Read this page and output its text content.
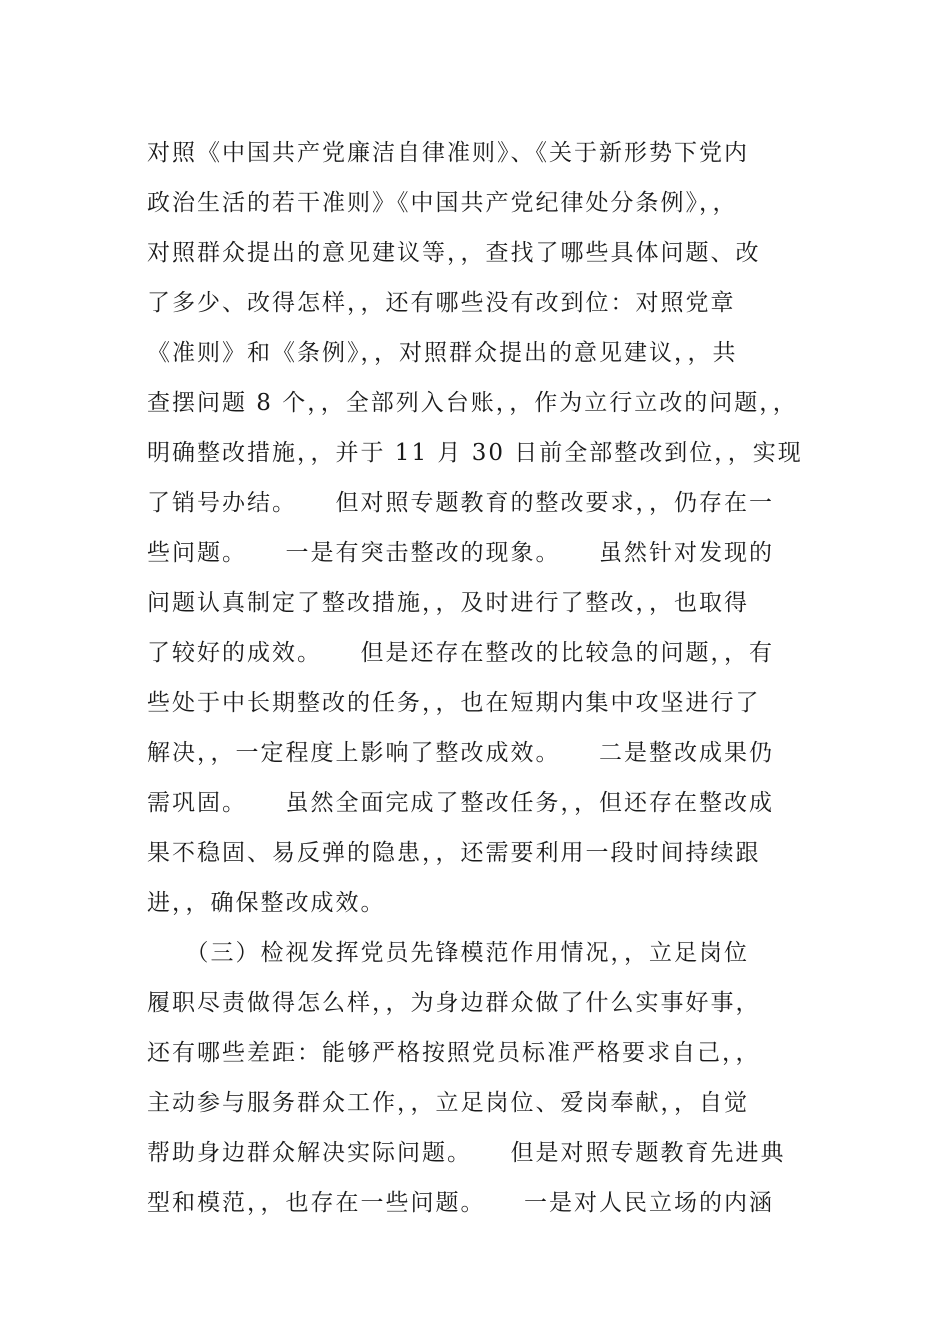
对照《中国共产党廉洁自律准则》、《关于新形势下党内
政治生活的若干准则》《中国共产党纪律处分条例》，，
对照群众提出的意见建议等，，查找了哪些具体问题、改
了多少、改得怎样，，还有哪些没有改到位：对照党章
《准则》和《条例》，，对照群众提出的意见建议，，共
查摆问题 8 个，，全部列入台账，，作为立行立改的问题，，
明确整改措施，，并于 11 月 30 日前全部整改到位，，实现
了销号办结。　　但对照专题教育的整改要求，，仍存在一
些问题。　　一是有突击整改的现象。　　虽然针对发现的
问题认真制定了整改措施，，及时进行了整改，，也取得
了较好的成效。　　但是还存在整改的比较急的问题，，有
些处于中长期整改的任务，，也在短期内集中攻坚进行了
解决，，一定程度上影响了整改成效。　　二是整改成果仍
需巩固。　　虽然全面完成了整改任务，，但还存在整改成
果不稳固、易反弹的隐患，，还需要利用一段时间持续跟
进，，确保整改成效。
　　（三）检视发挥党员先锋模范作用情况，，立足岗位
履职尽责做得怎么样，，为身边群众做了什么实事好事，
还有哪些差距：能够严格按照党员标准严格要求自己，，
主动参与服务群众工作，，立足岗位、爱岗奉献，，自觉
帮助身边群众解决实际问题。　　但是对照专题教育先进典
型和模范，，也存在一些问题。　　一是对人民立场的内涵
